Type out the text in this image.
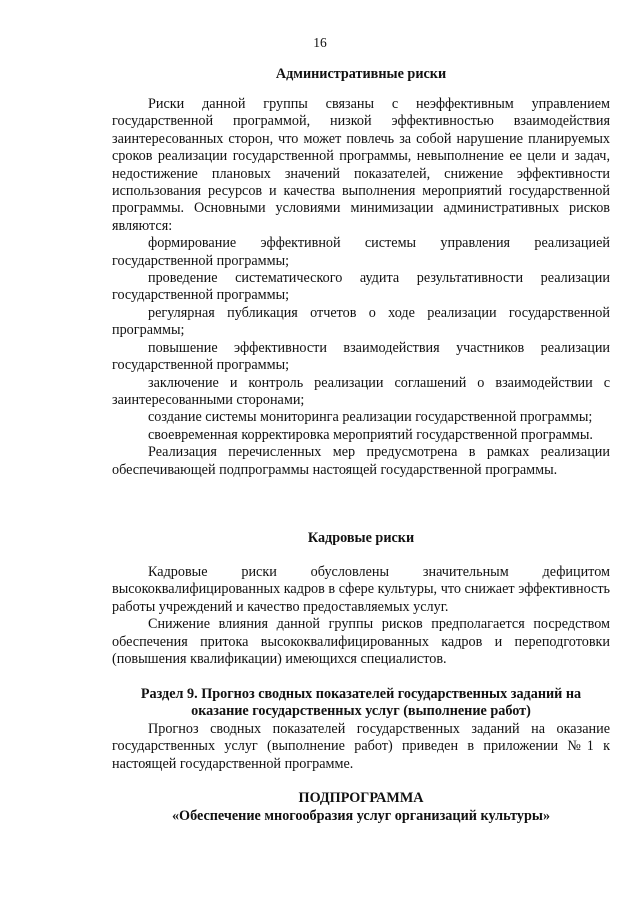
16
Административные риски

Риски данной группы связаны с неэффективным управлением государственной программой, низкой эффективностью взаимодействия заинтересованных сторон, что может повлечь за собой нарушение планируемых сроков реализации государственной программы, невыполнение ее цели и задач, недостижение плановых значений показателей, снижение эффективности использования ресурсов и качества выполнения мероприятий государственной программы. Основными условиями минимизации административных рисков являются:

формирование эффективной системы управления реализацией государственной программы;

проведение систематического аудита результативности реализации государственной программы;

регулярная публикация отчетов о ходе реализации государственной программы;

повышение эффективности взаимодействия участников реализации государственной программы;

заключение и контроль реализации соглашений о взаимодействии с заинтересованными сторонами;

создание системы мониторинга реализации государственной программы;

своевременная корректировка мероприятий государственной программы.

Реализация перечисленных мер предусмотрена в рамках реализации обеспечивающей подпрограммы настоящей государственной программы.

Кадровые риски

Кадровые риски обусловлены значительным дефицитом высококвалифицированных кадров в сфере культуры, что снижает эффективность работы учреждений и качество предоставляемых услуг.

Снижение влияния данной группы рисков предполагается посредством обеспечения притока высококвалифицированных кадров и переподготовки (повышения квалификации) имеющихся специалистов.

Раздел 9. Прогноз сводных показателей государственных заданий на
оказание государственных услуг (выполнение работ)

Прогноз сводных показателей государственных заданий на оказание государственных услуг (выполнение работ) приведен в приложении №1 к настоящей государственной программе.

ПОДПРОГРАММА
«Обеспечение многообразия услуг организаций культуры»
